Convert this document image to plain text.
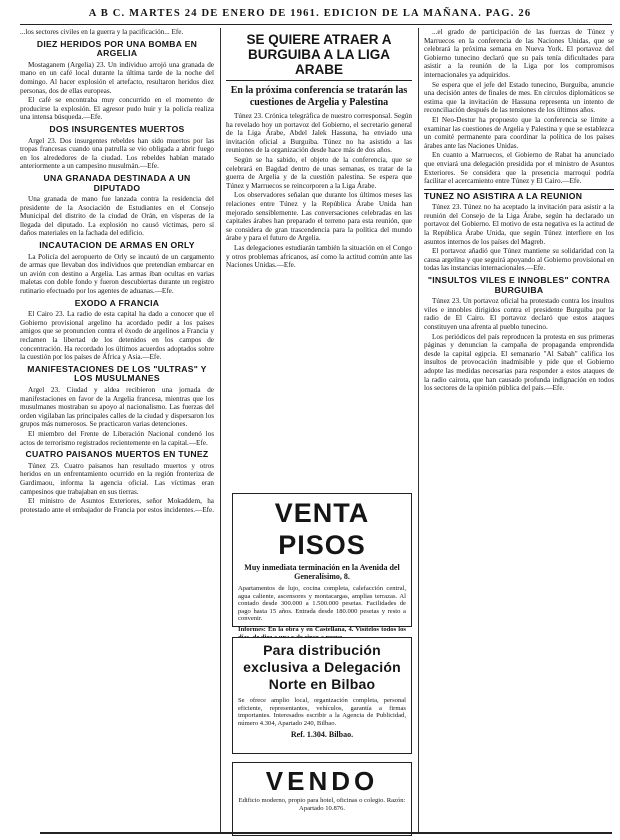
A B C. MARTES 24 DE ENERO DE 1961. EDICION DE LA MAÑANA. PAG. 26

...los sectores civiles en la guerra y la pacificación... Efe.

DIEZ HERIDOS POR UNA BOMBA EN ARGELIA

Mostaganem (Argelia) 23. Un individuo arrojó una granada de mano en un café local durante la última tarde de la noche del domingo. Al hacer explosión el artefacto, resultaron heridos diez personas, dos de ellas europeas.

El café se encontraba muy concurrido en el momento de producirse la explosión. El agresor pudo huir y la policía realiza una intensa búsqueda.—Efe.

DOS INSURGENTES MUERTOS

Argel 23. Dos insurgentes rebeldes han sido muertos por las tropas francesas cuando una patrulla se vio obligada a abrir fuego en los alrededores de la ciudad. Los rebeldes habían matado anteriormente a un campesino musulmán.—Efe.

UNA GRANADA DESTINADA A UN DIPUTADO

Una granada de mano fue lanzada contra la residencia del presidente de la Asociación de Estudiantes en el Consejo Municipal del distrito de la ciudad de Orán, en vísperas de la llegada del diputado. La explosión no causó víctimas, pero sí daños materiales en la fachada del edificio.

INCAUTACION DE ARMAS EN ORLY

La Policía del aeropuerto de Orly se incautó de un cargamento de armas que llevaban dos individuos que pretendían embarcar en un avión con destino a Argelia. Las armas iban ocultas en varias maletas con doble fondo y fueron descubiertas durante un registro rutinario efectuado por los agentes de aduanas.—Efe.

EXODO A FRANCIA

El Cairo 23. La radio de esta capital ha dado a conocer que el Gobierno provisional argelino ha acordado pedir a los países amigos que se pronuncien contra el éxodo de argelinos a Francia y reclamen la libertad de los detenidos en los campos de concentración. Ha recordado los últimos acuerdos adoptados sobre la cuestión por los países de África y Asia.—Efe.

MANIFESTACIONES DE LOS "ULTRAS" Y LOS MUSULMANES

Argel 23. Ciudad y aldea recibieron una jornada de manifestaciones en favor de la Argelia francesa, mientras que los musulmanes mostraban su apoyo al nacionalismo. Las fuerzas del orden vigilaban las principales calles de la ciudad y dispersaron los grupos más numerosos. Se practicaron varias detenciones.

El miembro del Frente de Liberación Nacional condenó los actos de terrorismo registrados recientemente en la capital.—Efe.

CUATRO PAISANOS MUERTOS EN TUNEZ

Túnez 23. Cuatro paisanos han resultado muertos y otros heridos en un enfrentamiento ocurrido en la región fronteriza de Gardimaou, informa la agencia oficial. Las víctimas eran campesinos que trabajaban en sus tierras.

El ministro de Asuntos Exteriores, señor Mokaddem, ha protestado ante el embajador de Francia por estos incidentes.—Efe.

SE QUIERE ATRAER A BURGUIBA A LA LIGA ARABE
En la próxima conferencia se tratarán las cuestiones de Argelia y Palestina

Túnez 23. Crónica telegráfica de nuestro corresponsal. Según ha revelado hoy un portavoz del Gobierno, el secretario general de la Liga Árabe, Abdel Jalek Hassuna, ha enviado una invitación oficial a Burguiba. Túnez no ha asistido a las reuniones de la organización desde hace más de dos años.

Según se ha sabido, el objeto de la conferencia, que se celebrará en Bagdad dentro de unas semanas, es tratar de la guerra de Argelia y de la cuestión palestina. Se espera que Túnez y Marruecos se reincorporen a la Liga Árabe.

Los observadores señalan que durante los últimos meses las relaciones entre Túnez y la República Árabe Unida han mejorado sensiblemente. Las conversaciones celebradas en las capitales árabes han preparado el terreno para esta reunión, que se considera de gran trascendencia para la política del mundo árabe y para el futuro de Argelia.

Las delegaciones estudiarán también la situación en el Congo y otros problemas africanos, así como la actitud común ante las Naciones Unidas.—Efe.

VENTA PISOS
Muy inmediata terminación en la Avenida del Generalísimo, 8.
Apartamentos de lujo, cocina completa, calefacción central, agua caliente, ascensores y montacargas, amplias terrazas. Al contado desde 300.000 a 1.500.000 pesetas. Facilidades de pago hasta 15 años. Entrada desde 180.000 pesetas y resto a convenir.
Informes: En la obra y en Castellana, 4. Visítelos todos los
Para distribución exclusiva a Delegación Norte en Bilbao
Se ofrece amplio local, organización completa, personal eficiente, representantes, vehículos, garantía a firmas importantes. Interesados escribir a la Agencia de Publicidad, número 4.304, Apartado 240, Bilbao.
Ref. 1.304. Bilbao.
VENDO
Edificio moderno, propio para hotel, oficinas o colegio. Razón: Apartado 10.876.

...el grado de participación de las fuerzas de Túnez y Marruecos en la conferencia de las Naciones Unidas, que se celebrará la próxima semana en Nueva York. El portavoz del Gobierno tunecino declaró que su país tenía dificultades para asistir a la reunión de la Liga por los compromisos internacionales ya adquiridos.

Se espera que el jefe del Estado tunecino, Burguiba, anuncie una decisión antes de finales de mes. En círculos diplomáticos se estima que la invitación de Hassuna representa un intento de reconciliación después de las tensiones de los últimos años.

El Neo-Destur ha propuesto que la conferencia se limite a examinar las cuestiones de Argelia y Palestina y que se establezca un comité permanente para coordinar la política de los países árabes ante las Naciones Unidas.

En cuanto a Marruecos, el Gobierno de Rabat ha anunciado que enviará una delegación presidida por el ministro de Asuntos Exteriores. Se considera que la presencia marroquí podría facilitar el acercamiento entre Túnez y El Cairo.—Efe.

TUNEZ NO ASISTIRA A LA REUNION

Túnez 23. Túnez no ha aceptado la invitación para asistir a la reunión del Consejo de la Liga Árabe, según ha declarado un portavoz del Gobierno. El motivo de esta negativa es la actitud de la República Árabe Unida, que según Túnez interfiere en los asuntos internos de los países del Magreb.

El portavoz añadió que Túnez mantiene su solidaridad con la causa argelina y que seguirá apoyando al Gobierno provisional en todas las instancias internacionales.—Efe.

"INSULTOS VILES E INNOBLES" CONTRA BURGUIBA

Túnez 23. Un portavoz oficial ha protestado contra los insultos viles e innobles dirigidos contra el presidente Burguiba por la radio de El Cairo. El portavoz declaró que estos ataques constituyen una afrenta al pueblo tunecino.

Los periódicos del país reproducen la protesta en sus primeras páginas y denuncian la campaña de propaganda emprendida desde la capital egipcia. El semanario "Al Sabah" califica los insultos de provocación inadmisible y pide que el Gobierno adopte las medidas necesarias para responder a estos ataques de la radio cairota, que han causado profunda indignación en todos los sectores de la opinión pública del país.—Efe.
